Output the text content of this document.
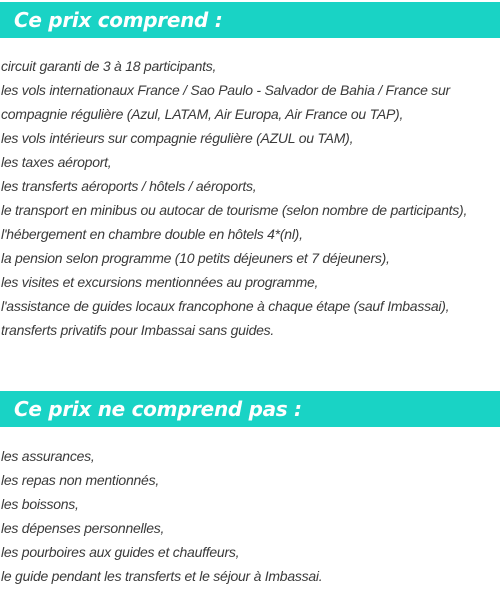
Ce prix comprend :
circuit garanti de 3 à 18 participants,
les vols internationaux France / Sao Paulo - Salvador de Bahia / France sur compagnie régulière (Azul, LATAM, Air Europa, Air France ou TAP),
les vols intérieurs sur compagnie régulière (AZUL ou TAM),
les taxes aéroport,
les transferts aéroports / hôtels / aéroports,
le transport en minibus ou autocar de tourisme (selon nombre de participants),
l'hébergement en chambre double en hôtels 4*(nl),
la pension selon programme (10 petits déjeuners et 7 déjeuners),
les visites et excursions mentionnées au programme,
l'assistance de guides locaux francophone à chaque étape (sauf Imbassai),
transferts privatifs pour Imbassai sans guides.
Ce prix ne comprend pas :
les assurances,
les repas non mentionnés,
les boissons,
les dépenses personnelles,
les pourboires aux guides et chauffeurs,
le guide pendant les transferts et le séjour à Imbassai.
